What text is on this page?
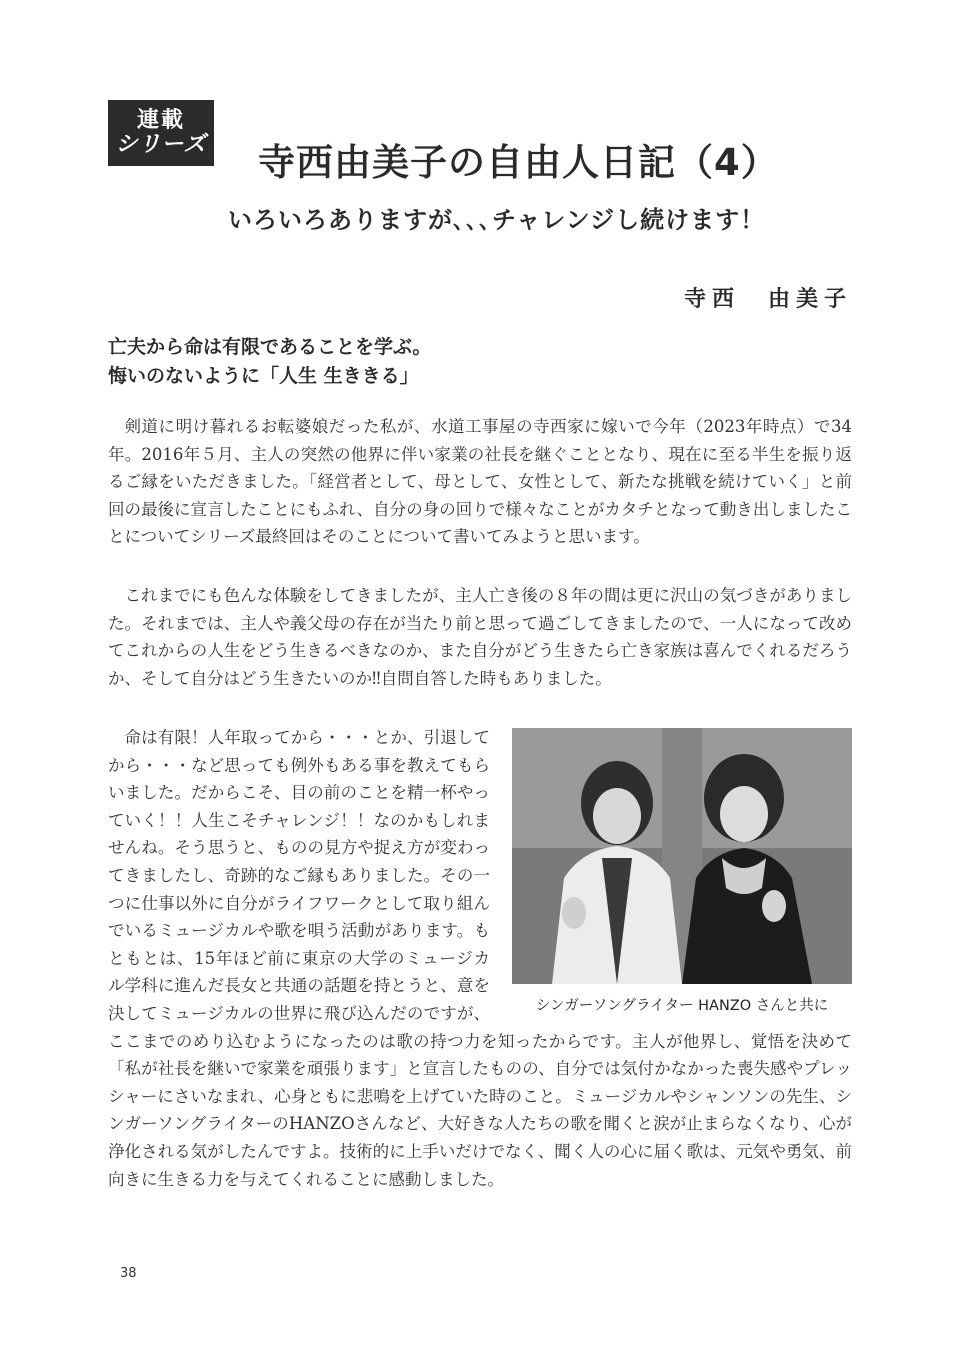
連載
シリーズ 寺西由美子の自由人日記（4）
いろいろありますが､､､チャレンジし続けます！
寺西　由美子
亡夫から命は有限であることを学ぶ。
悔いのないように「人生 生ききる」

剣道に明け暮れるお転婆娘だった私が、水道工事屋の寺西家に嫁いで今年（2023年時点）で34年。2016年５月、主人の突然の他界に伴い家業の社長を継ぐこととなり、現在に至る半生を振り返るご縁をいただきました。「経営者として、母として、女性として、新たな挑戦を続けていく」と前回の最後に宣言したことにもふれ、自分の身の回りで様々なことがカタチとなって動き出しましたことについてシリーズ最終回はそのことについて書いてみようと思います。

これまでにも色んな体験をしてきましたが、主人亡き後の８年の間は更に沢山の気づきがありました。それまでは、主人や義父母の存在が当たり前と思って過ごしてきましたので、一人になって改めてこれからの人生をどう生きるべきなのか、また自分がどう生きたら亡き家族は喜んでくれるだろうか、そして自分はどう生きたいのか‼自問自答した時もありました。

シンガーソングライター HANZO さんと共に

命は有限！人年取ってから・・・とか、引退してから・・・など思っても例外もある事を教えてもらいました。だからこそ、目の前のことを精一杯やっていく！！人生こそチャレンジ！！なのかもしれませんね。そう思うと、ものの見方や捉え方が変わってきましたし、奇跡的なご縁もありました。その一つに仕事以外に自分がライフワークとして取り組んでいるミュージカルや歌を唄う活動があります。もともとは、15年ほど前に東京の大学のミュージカル学科に進んだ長女と共通の話題を持とうと、意を決してミュージカルの世界に飛び込んだのですが、ここまでのめり込むようになったのは歌の持つ力を知ったからです。主人が他界し、覚悟を決めて「私が社長を継いで家業を頑張ります」と宣言したものの、自分では気付かなかった喪失感やプレッシャーにさいなまれ、心身ともに悲鳴を上げていた時のこと。ミュージカルやシャンソンの先生、シンガーソングライターのHANZOさんなど、大好きな人たちの歌を聞くと涙が止まらなくなり、心が浄化される気がしたんですよ。技術的に上手いだけでなく、聞く人の心に届く歌は、元気や勇気、前向きに生きる力を与えてくれることに感動しました。

38
